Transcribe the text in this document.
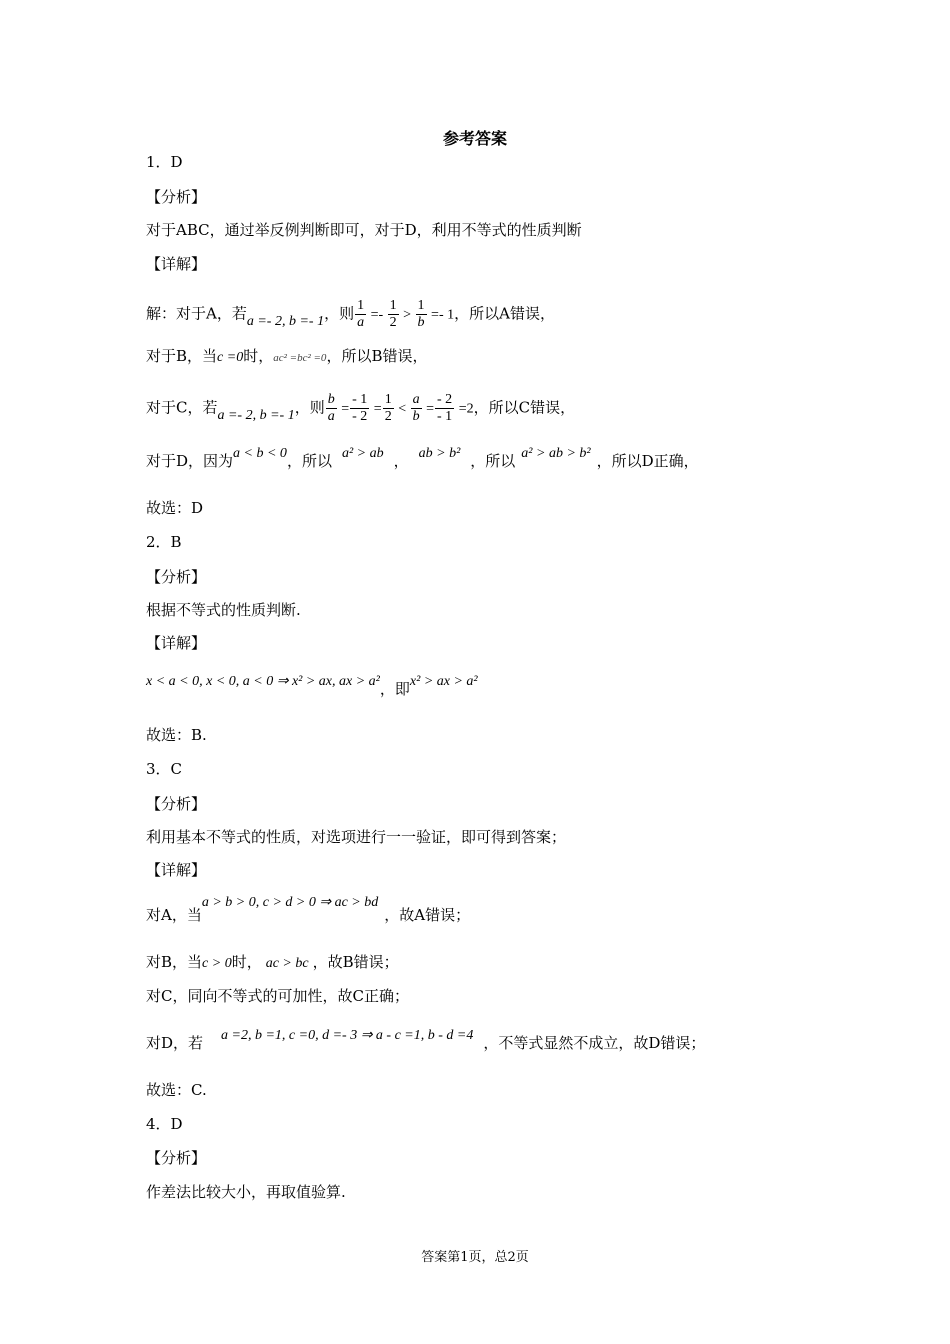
参考答案
1．D
【分析】
对于ABC，通过举反例判断即可，对于D，利用不等式的性质判断
【详解】
解：对于A，若a =- 2, b =- 1，则 $\frac{1}{a} =- \frac{1}{2} > \frac{1}{b} =- 1$，所以A错误，
对于B，当c =0时，ac² =bc² =0，所以B错误，
对于C，若a =- 2, b =- 1，则 $\frac{b}{a} = \frac{- 1}{- 2} = \frac{1}{2} < \frac{a}{b} = \frac{- 2}{- 1} =2$，所以C错误，
对于D，因为a < b < 0，所以 a² > ab ， ab > b² ，所以 a² > ab > b² ，所以D正确，
故选：D
2．B
【分析】
根据不等式的性质判断.
【详解】
x < a < 0, x < 0, a < 0 ⇒ x² > ax, ax > a²，即x² > ax > a²
故选：B.
3．C
【分析】
利用基本不等式的性质，对选项进行一一验证，即可得到答案；
【详解】
对A，当a > b > 0, c > d > 0 ⇒ ac > bd，故A错误；
对B，当c > 0时， ac > bc ，故B错误；
对C，同向不等式的可加性，故C正确；
对D，若 a =2, b =1, c =0, d =- 3 ⇒ a - c =1, b - d =4 ，不等式显然不成立，故D错误；
故选：C.
4．D
【分析】
作差法比较大小，再取值验算.
答案第1页，总2页
